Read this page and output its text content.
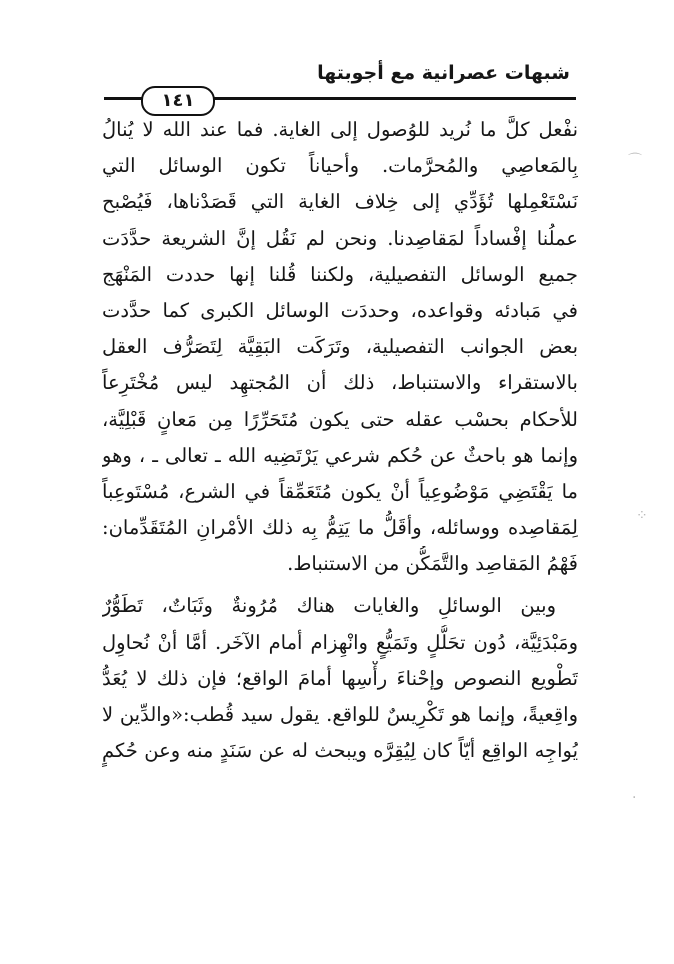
شبهات عصرانية مع أجوبتها
١٤١
نفْعل كلَّ ما نُريد للوُصول إلى الغاية. فما عند الله لا يُنالُ
بِالمَعاصِي والمُحرَّمات. وأحياناً تكون الوسائل التي
نَسْتَعْمِلها تُؤَدِّي إلى خِلاف الغاية التي قَصَدْناها، فَيُصْبح
عملُنا إفْساداً لمَقاصِدنا. ونحن لم نَقُل إنَّ الشريعة حدَّدَت
جميع الوسائل التفصيلية، ولكننا قُلنا إنها حددت المَنْهَج
في مَبادئه وقواعده، وحددَت الوسائل الكبرى كما حدَّدت
بعض الجوانب التفصيلية، وتَرَكَت البَقِيَّة لِتَصَرُّف العقل
بالاستقراء والاستنباط، ذلك أن المُجتهِد ليس مُخْتَرِعاً
للأحكام بحسْب عقله حتى يكون مُتَحَرِّرًا مِن مَعانٍ قَبْلِيَّة،
وإنما هو باحثٌ عن حُكم شرعي يَرْتَضِيه الله ـ تعالى ـ ، وهو
ما يَقْتَضِي مَوْضُوعِياً أنْ يكون مُتَعَمِّقاً في الشرع، مُسْتَوعِباً
لِمَقاصِده ووسائله، وأقَلُّ ما يَتِمُّ بِه ذلك الأمْرانِ المُتَقَدِّمان:
فَهْمُ المَقاصِد والتَّمَكُّن من الاستنباط.
وبين الوسائلِ والغايات هناك مُرُونةٌ وثَبَاتٌ، تَطَوُّرٌ
ومَبْدَئِيَّة، دُون تحَلُّلٍ وتَمَيُّعٍ وانْهِزام أمام الآخَر. أمَّا أنْ نُحاوِل
تَطْويع النصوص وإحْناءَ رأْسِها أمامَ الواقع؛ فإن ذلك لا يُعَدُّ
واقِعيةً، وإنما هو تَكْرِيسٌ للواقع. يقول سيد قُطب:«والدِّين لا
يُواجِه الواقِع أيّاً كان لِيُقِرَّه ويبحث له عن سَنَدٍ منه وعن حُكمٍ
⌒
⁘
·
